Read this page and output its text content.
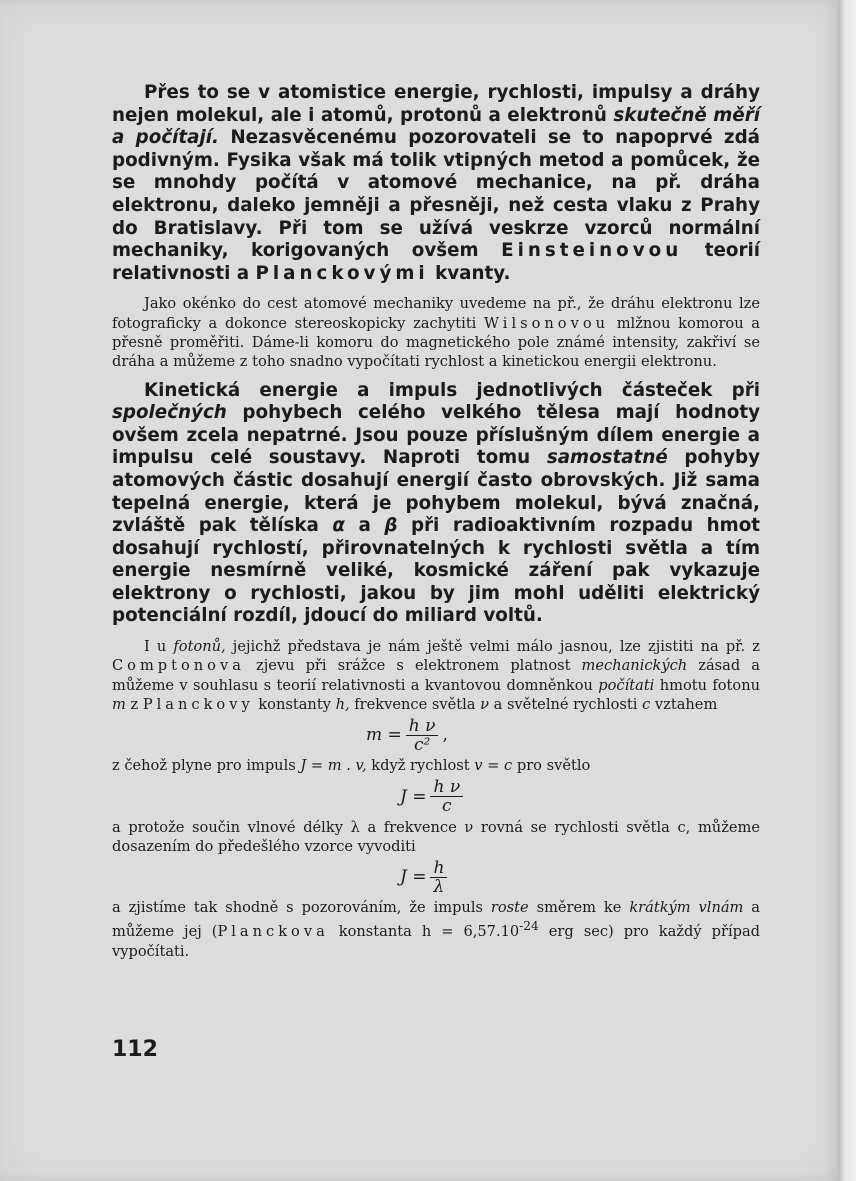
Přes to se v atomistice energie, rychlosti, impulsy a dráhy nejen molekul, ale i atomů, protonů a elektronů skutečně měří a počítají. Nezasvěcenému pozorovateli se to napoprvé zdá podivným. Fysika však má tolik vtipných metod a pomůcek, že se mnohdy počítá v atomové mechanice, na př. dráha elektronu, daleko jemněji a přesněji, než cesta vlaku z Prahy do Bratislavy. Při tom se užívá veskrze vzorců normální mechaniky, korigovaných ovšem Einsteinovou teorií relativnosti a Planckovými kvanty.

Jako okénko do cest atomové mechaniky uvedeme na př., že dráhu elektronu lze fotograficky a dokonce stereoskopicky zachytiti Wilsonovou mlžnou komorou a přesně proměřiti. Dáme-li komoru do magnetického pole známé intensity, zakřiví se dráha a můžeme z toho snadno vypočítati rychlost a kinetickou energii elektronu.

Kinetická energie a impuls jednotlivých částeček při společných pohybech celého velkého tělesa mají hodnoty ovšem zcela nepatrné. Jsou pouze příslušným dílem energie a impulsu celé soustavy. Naproti tomu samostatné pohyby atomových částic dosahují energií často obrovských. Již sama tepelná energie, která je pohybem molekul, bývá značná, zvláště pak tělíska α a β při radioaktivním rozpadu hmot dosahují rychlostí, přirovnatelných k rychlosti světla a tím energie nesmírně veliké, kosmické záření pak vykazuje elektrony o rychlosti, jakou by jim mohl uděliti elektrický potenciální rozdíl, jdoucí do miliard voltů.

I u fotonů, jejichž představa je nám ještě velmi málo jasnou, lze zjistiti na př. z Comptonova zjevu při srážce s elektronem platnost mechanických zásad a můžeme v souhlasu s teorií relativnosti a kvantovou domněnkou počítati hmotu fotonu m z Planckovy konstanty h, frekvence světla ν a světelné rychlosti c vztahem

$m = \frac{\text{h ν}}{\text{c²}}$ ,

z čehož plyne pro impuls J = m . v, když rychlost v = c pro světlo

$J = \frac{\text{h ν}}{c}$

a protože součin vlnové délky λ a frekvence ν rovná se rychlosti světla c, můžeme dosazením do předešlého vzorce vyvoditi

$J = \frac{h}{\lambda}$

a zjistíme tak shodně s pozorováním, že impuls roste směrem ke krátkým vlnám a můžeme jej (Planckova konstanta $h = 6,57.10^{-24}$ erg sec) pro každý případ vypočítati.

112
